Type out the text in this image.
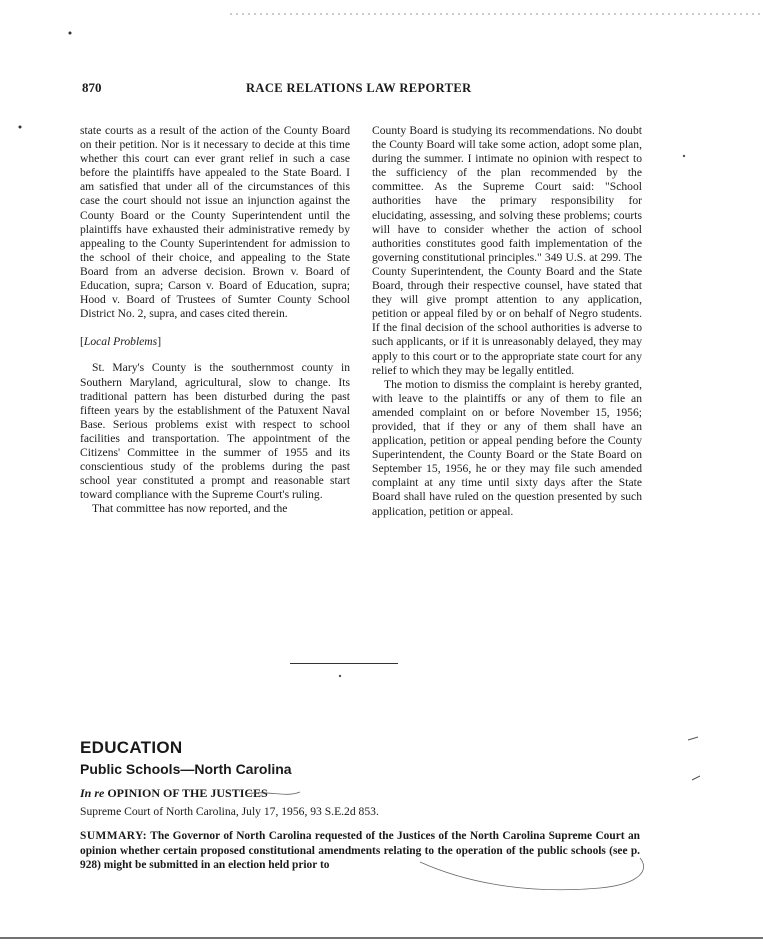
870	RACE RELATIONS LAW REPORTER

state courts as a result of the action of the County Board on their petition. Nor is it necessary to decide at this time whether this court can ever grant relief in such a case before the plaintiffs have appealed to the State Board. I am satisfied that under all of the circumstances of this case the court should not issue an injunction against the County Board or the County Superintendent until the plaintiffs have exhausted their administrative remedy by appealing to the County Superintendent for admission to the school of their choice, and appealing to the State Board from an adverse decision. Brown v. Board of Education, supra; Carson v. Board of Education, supra; Hood v. Board of Trustees of Sumter County School District No. 2, supra, and cases cited therein.

[Local Problems]

St. Mary's County is the southernmost county in Southern Maryland, agricultural, slow to change. Its traditional pattern has been disturbed during the past fifteen years by the establishment of the Patuxent Naval Base. Serious problems exist with respect to school facilities and transportation. The appointment of the Citizens' Committee in the summer of 1955 and its conscientious study of the problems during the past school year constituted a prompt and reasonable start toward compliance with the Supreme Court's ruling.

That committee has now reported, and the

County Board is studying its recommendations. No doubt the County Board will take some action, adopt some plan, during the summer. I intimate no opinion with respect to the sufficiency of the plan recommended by the committee. As the Supreme Court said: "School authorities have the primary responsibility for elucidating, assessing, and solving these problems; courts will have to consider whether the action of school authorities constitutes good faith implementation of the governing constitutional principles." 349 U.S. at 299. The County Superintendent, the County Board and the State Board, through their respective counsel, have stated that they will give prompt attention to any application, petition or appeal filed by or on behalf of Negro students. If the final decision of the school authorities is adverse to such applicants, or if it is unreasonably delayed, they may apply to this court or to the appropriate state court for any relief to which they may be legally entitled.

The motion to dismiss the complaint is hereby granted, with leave to the plaintiffs or any of them to file an amended complaint on or before November 15, 1956; provided, that if they or any of them shall have an application, petition or appeal pending before the County Superintendent, the County Board or the State Board on September 15, 1956, he or they may file such amended complaint at any time until sixty days after the State Board shall have ruled on the question presented by such application, petition or appeal.

EDUCATION
Public Schools—North Carolina
In re OPINION OF THE JUSTICES
Supreme Court of North Carolina, July 17, 1956, 93 S.E.2d 853.
SUMMARY: The Governor of North Carolina requested of the Justices of the North Carolina Supreme Court an opinion whether certain proposed constitutional amendments relating to the operation of the public schools (see p. 928) might be submitted in an election held prior to
